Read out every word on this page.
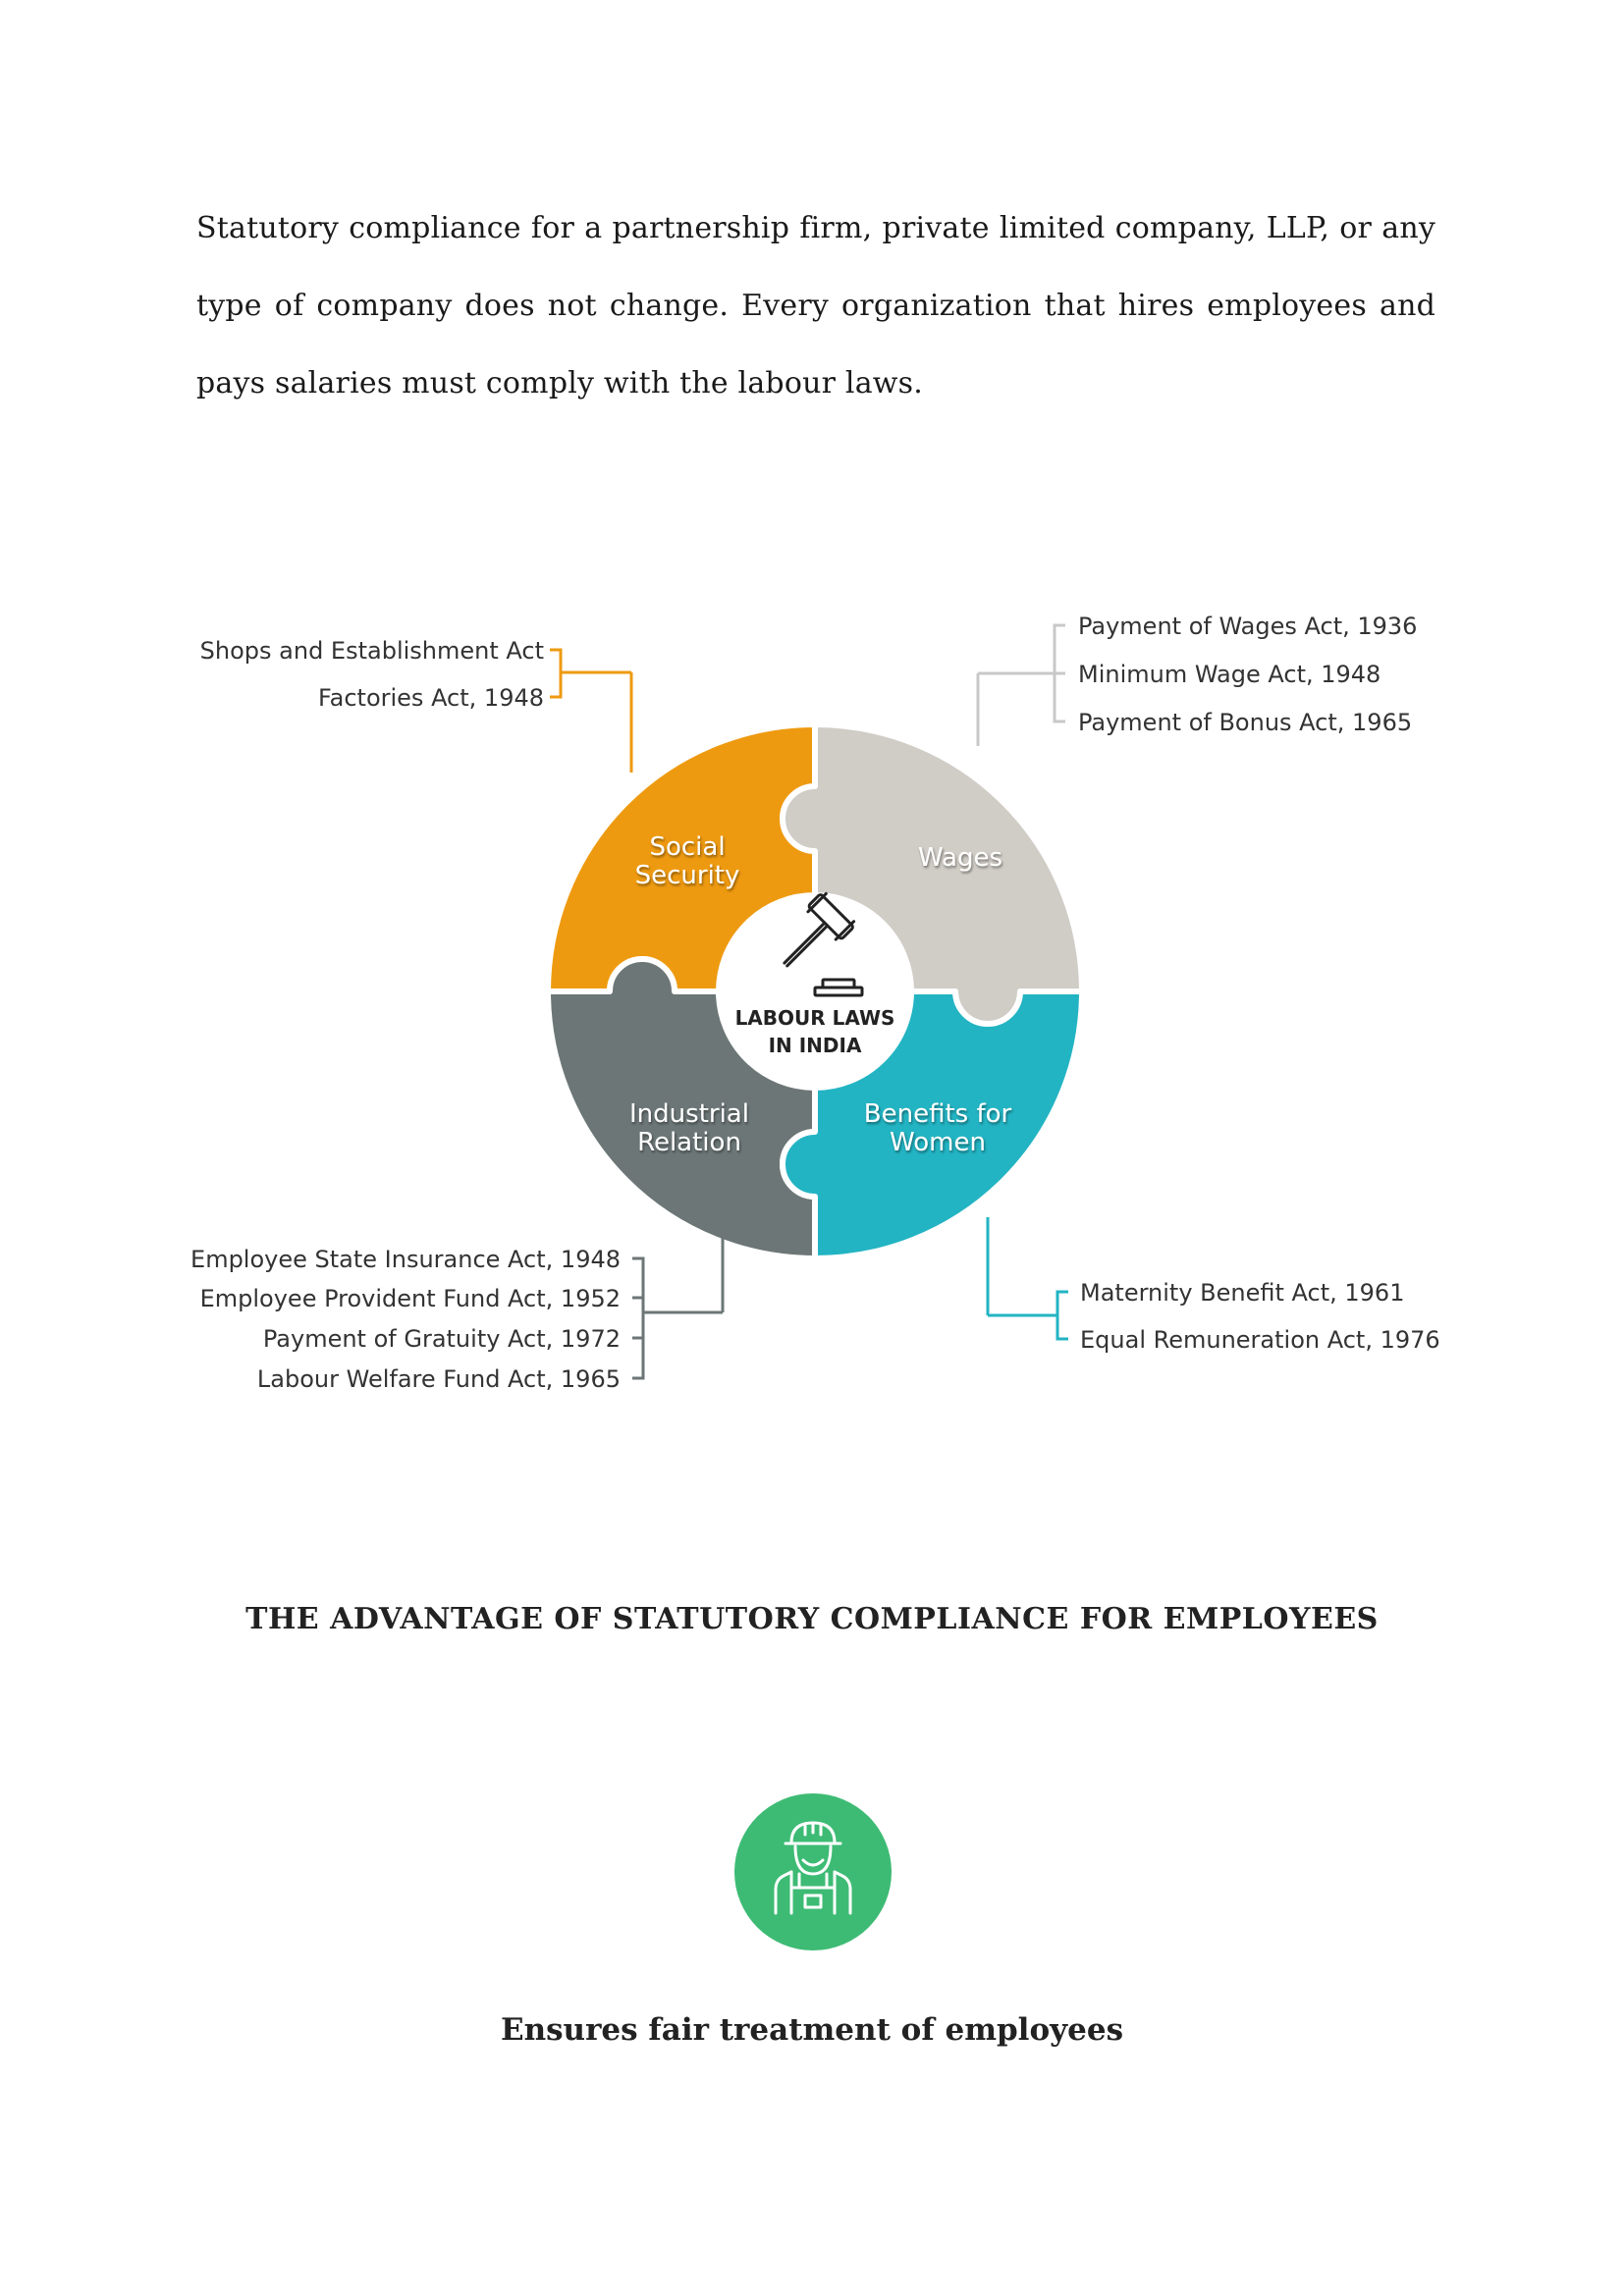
Statutory compliance for a partnership firm, private limited company, LLP, or any type of company does not change. Every organization that hires employees and pays salaries must comply with the labour laws.

LABOUR LAWS
IN INDIA
Social
Security
Wages
Industrial
Relation
Benefits for
Women
Shops and Establishment Act
Factories Act, 1948
Payment of Wages Act, 1936
Minimum Wage Act, 1948
Payment of Bonus Act, 1965
Employee State Insurance Act, 1948
Employee Provident Fund Act, 1952
Payment of Gratuity Act, 1972
Labour Welfare Fund Act, 1965
Maternity Benefit Act, 1961
Equal Remuneration Act, 1976
THE ADVANTAGE OF STATUTORY COMPLIANCE FOR EMPLOYEES

Ensures fair treatment of employees
